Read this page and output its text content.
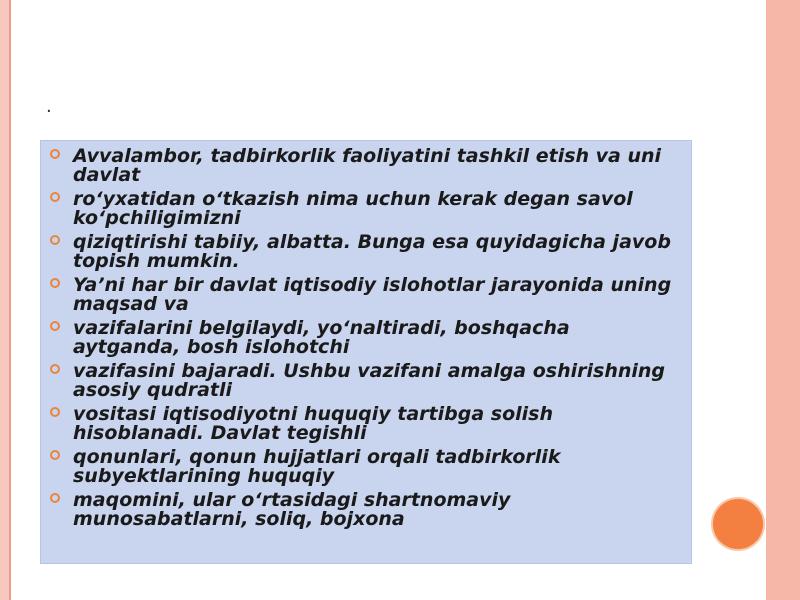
.
Avvalambor, tadbirkorlik faoliyatini tashkil etish va uni davlat
ro‘yxatidan o‘tkazish nima uchun kerak degan savol ko‘pchiligimizni
qiziqtirishi tabiiy, albatta. Bunga esa quyidagicha javob topish mumkin.
Ya’ni har bir davlat iqtisodiy islohotlar jarayonida uning maqsad va
vazifalarini belgilaydi, yo‘naltiradi, boshqacha aytganda, bosh islohotchi
vazifasini bajaradi. Ushbu vazifani amalga oshirishning asosiy qudratli
vositasi iqtisodiyotni huquqiy tartibga solish hisoblanadi. Davlat tegishli
qonunlari, qonun hujjatlari orqali tadbirkorlik subyektlarining huquqiy
maqomini, ular o‘rtasidagi shartnomaviy munosabatlarni, soliq, bojxona
